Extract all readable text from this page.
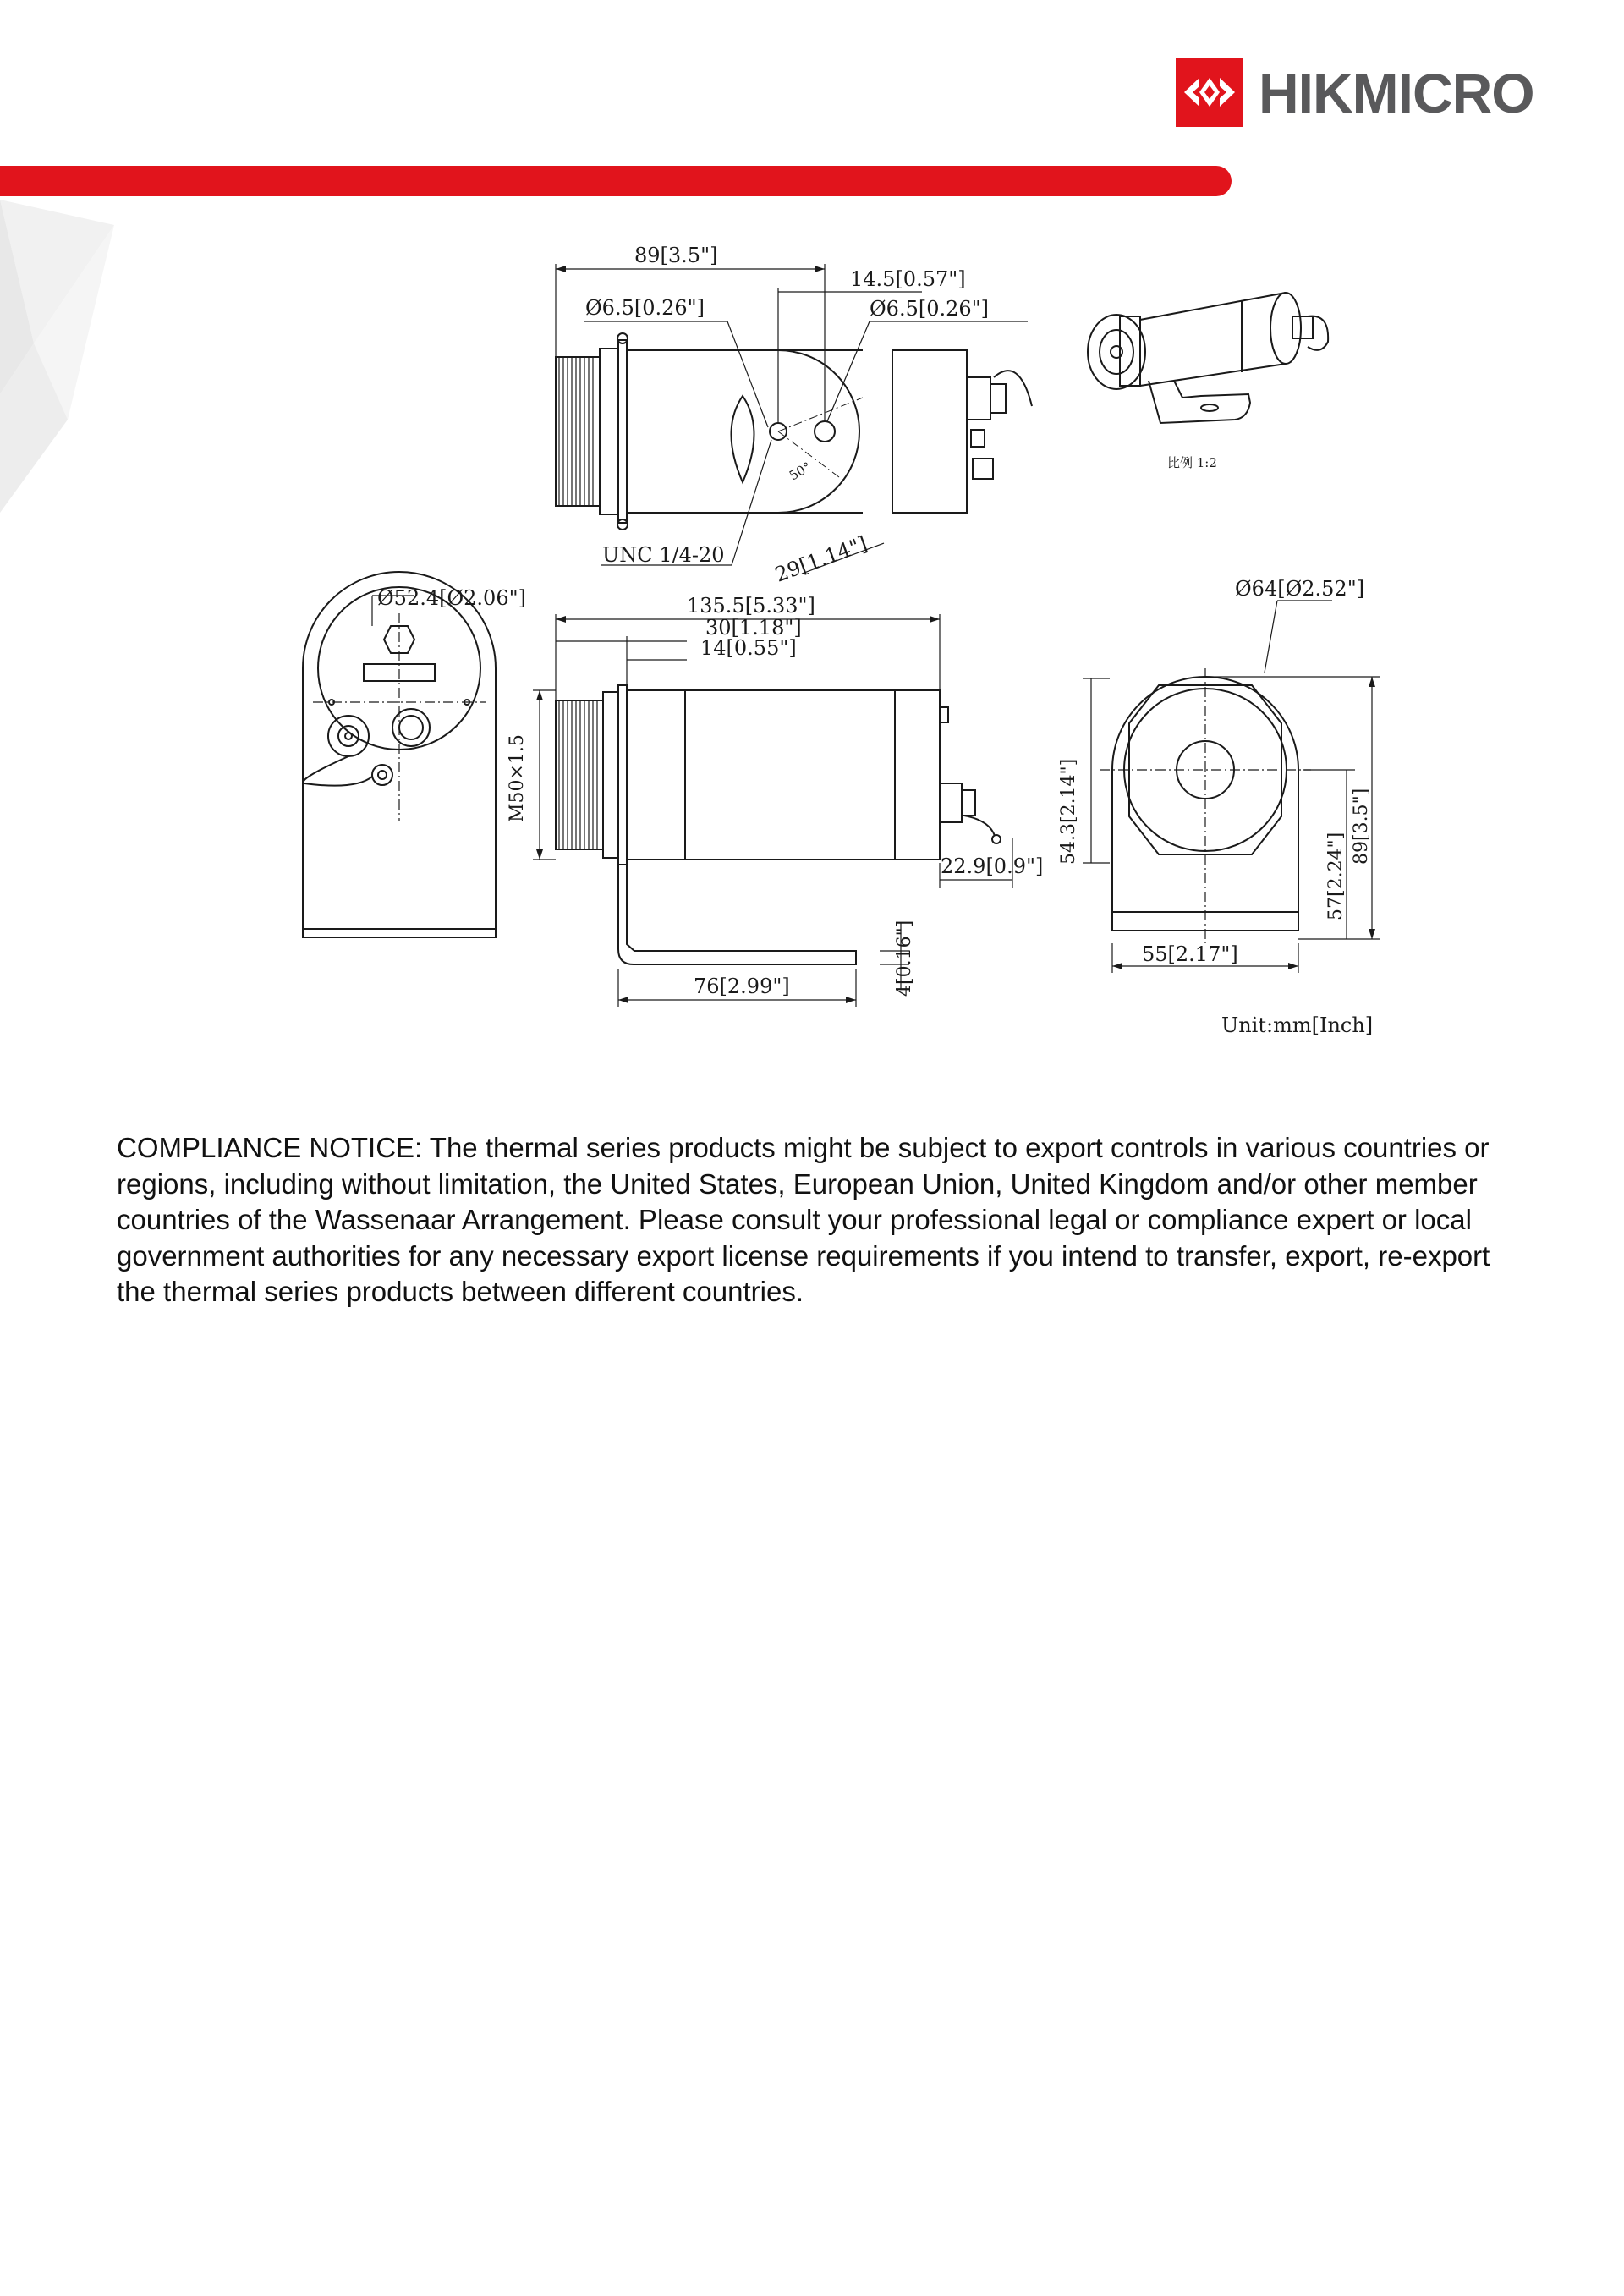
HIKMICRO
89[3.5"]
14.5[0.57"]
Ø6.5[0.26"]	Ø6.5[0.26"]
50°
UNC 1/4-20 29[1.14"]
比例 1:2
Ø52.4[Ø2.06"]	135.5[5.33"]
30[1.18"]
14[0.55"]
M50×1.5	54.3[2.14"]
22.9[0.9"]
4[0.16"]
76[2.99"]
Ø64[Ø2.52"]
89[3.5"]
57[2.24"]
55[2.17"]
Unit:mm[Inch]

COMPLIANCE NOTICE: The thermal series products might be subject to export controls in various countries or regions, including without limitation, the United States, European Union, United Kingdom and/or other member countries of the Wassenaar Arrangement. Please consult your professional legal or compliance expert or local government authorities for any necessary export license requirements if you intend to transfer, export, re-export the thermal series products between different countries.
